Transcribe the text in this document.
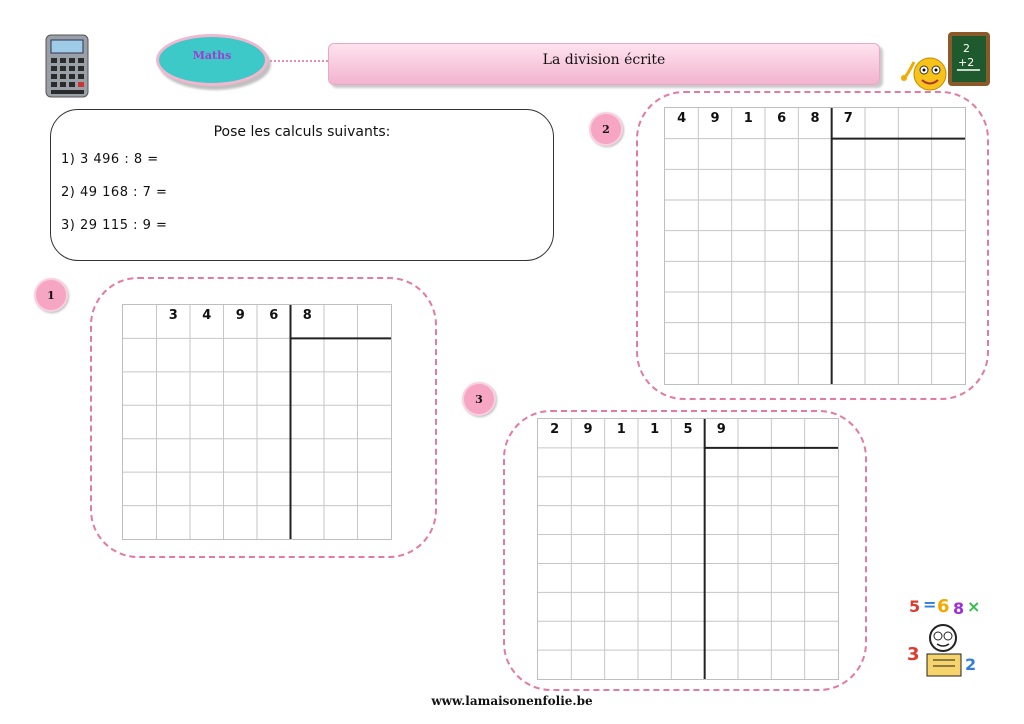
Maths	La division écrite
2
+2
Pose les calculs suivants:
1) 3 496 : 8 =
2) 49 168 : 7 =
3) 29 115 : 9 =
1
3	4	9	6	8
2
4	9	1	6	8	7
3
2	9	1	1	5	9
5 = 6 8 ×
3	2
www.lamaisonenfolie.be
